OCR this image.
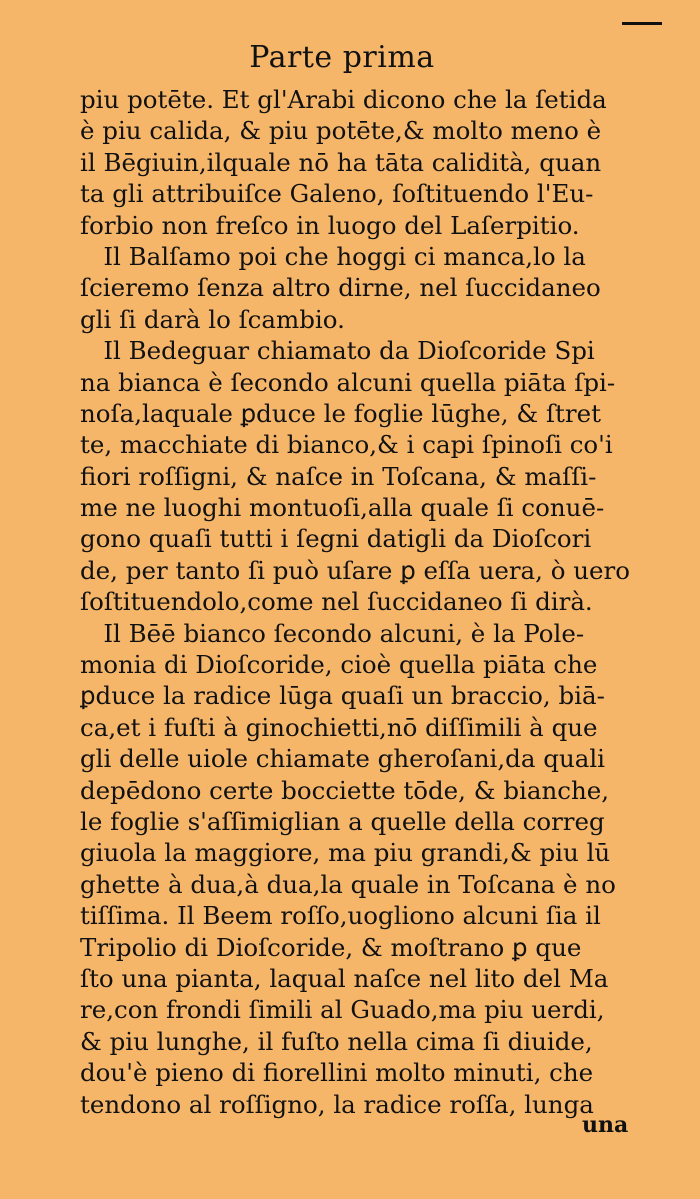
Parte prima
piu potēte. Et gl'Arabi dicono che la ſetida
è piu calida, & piu potēte,& molto meno è
il Bēgiuin,ilquale nō ha tāta calidità, quan
ta gli attribuiſce Galeno, ſoſtituendo l'Eu-
forbio non freſco in luogo del Laſerpitio.
Il Balſamo poi che hoggi ci manca,lo la
ſcieremo ſenza altro dirne, nel ſuccidaneo
gli ſi darà lo ſcambio.
Il Bedeguar chiamato da Dioſcoride Spi
na bianca è ſecondo alcuni quella piāta ſpi-
noſa,laquale ꝑduce le foglie lūghe, & ſtret
te, macchiate di bianco,& i capi ſpinoſi co'i
fiori roſſigni, & naſce in Toſcana, & maſſi-
me ne luoghi montuoſi,alla quale ſi conuē-
gono quaſi tutti i ſegni datigli da Dioſcori
de, per tanto ſi può uſare ꝑ eſſa uera, ò uero
ſoſtituendolo,come nel ſuccidaneo ſi dirà.
Il Bēē bianco ſecondo alcuni, è la Pole-
monia di Dioſcoride, cioè quella piāta che
ꝑduce la radice lūga quaſi un braccio, biā-
ca,et i fuſti à ginochietti,nō diſſimili à que
gli delle uiole chiamate gheroſani,da quali
depēdono certe bocciette tōde, & bianche,
le foglie s'aſſimiglian a quelle della correg
giuola la maggiore, ma piu grandi,& piu lū
ghette à dua,à dua,la quale in Toſcana è no
tiſſima. Il Beem roſſo,uogliono alcuni ſia il
Tripolio di Dioſcoride, & moſtrano ꝑ que
ſto una pianta, laqual naſce nel lito del Ma
re,con frondi ſimili al Guado,ma piu uerdi,
& piu lunghe, il fuſto nella cima ſi diuide,
dou'è pieno di fiorellini molto minuti, che
tendono al roſſigno, la radice roſſa, lunga
una
